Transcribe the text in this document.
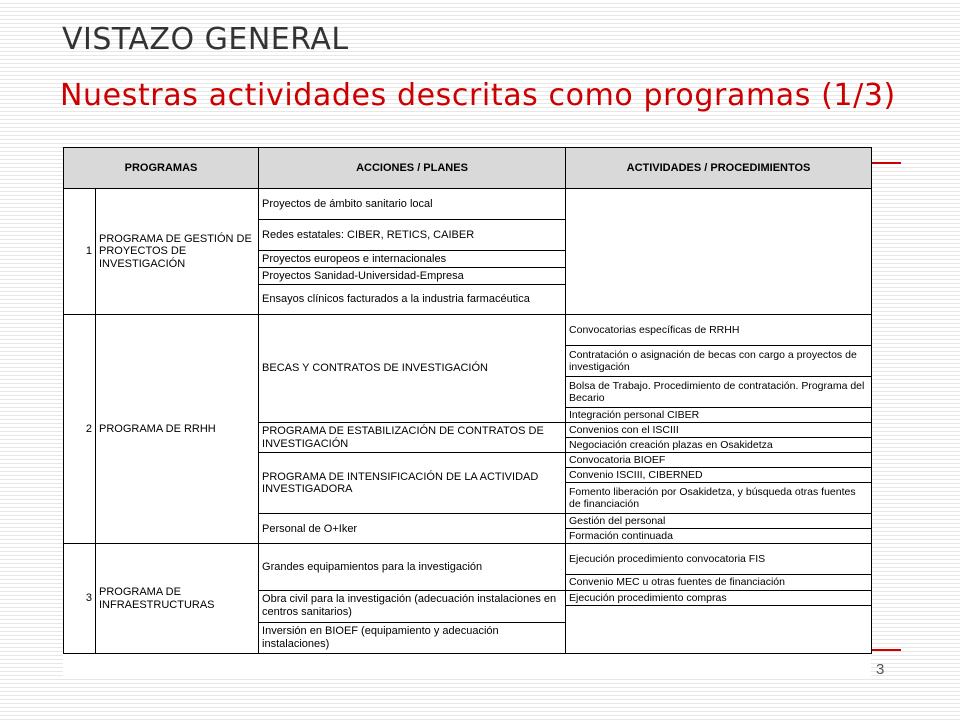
VISTAZO GENERAL
Nuestras actividades descritas como programas (1/3)
PROGRAMAS		ACCIONES / PLANES	ACTIVIDADES / PROCEDIMIENTOS
1	PROGRAMA DE GESTIÓN DE PROYECTOS DE INVESTIGACIÓN	Proyectos de ámbito sanitario local	
		Redes estatales: CIBER, RETICS, CAIBER	
		Proyectos europeos e internacionales	
		Proyectos Sanidad-Universidad-Empresa	
		Ensayos clínicos facturados a la industria farmacéutica	
2	PROGRAMA DE RRHH	BECAS Y CONTRATOS DE INVESTIGACIÓN	Convocatorias específicas de RRHH
			Contratación o asignación de becas con cargo a proyectos de investigación
			Bolsa de Trabajo. Procedimiento de contratación. Programa del Becario
			Integración personal CIBER
		PROGRAMA DE ESTABILIZACIÓN DE CONTRATOS DE INVESTIGACIÓN	Convenios con el ISCIII
			Negociación creación plazas en Osakidetza
		PROGRAMA DE INTENSIFICACIÓN DE LA ACTIVIDAD INVESTIGADORA	Convocatoria BIOEF
			Convenio ISCIII, CIBERNED
			Fomento liberación por Osakidetza, y búsqueda otras fuentes de financiación
		Personal de O+Iker	Gestión del personal
			Formación continuada
3	PROGRAMA DE INFRAESTRUCTURAS	Grandes equipamientos para la investigación	Ejecución procedimiento convocatoria FIS
			Convenio MEC u otras fuentes de financiación
		Obra civil para la investigación (adecuación instalaciones en centros sanitarios)	Ejecución procedimiento compras

		Inversión en BIOEF (equipamiento y adecuación instalaciones)	
3
